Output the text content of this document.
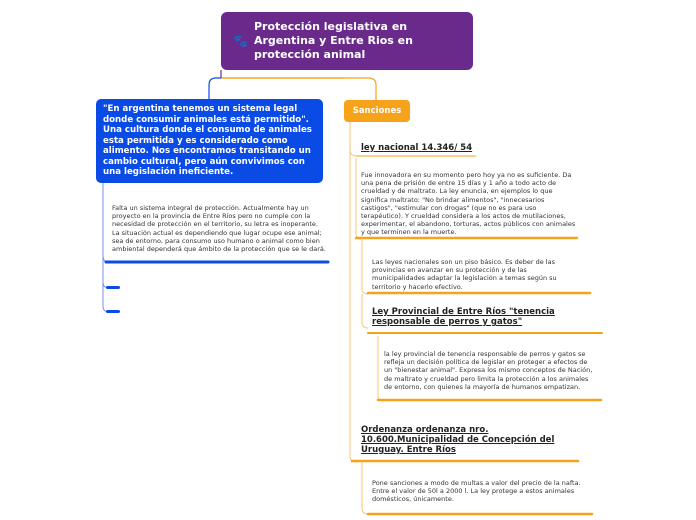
🐾
Protección legislativa en Argentina y Entre Rios en protección animal
"En argentina tenemos un sistema legal donde consumir animales está permitido". Una cultura donde el consumo de animales esta permitida y es considerado como alimento. Nos encontramos transitando un cambio cultural, pero aún convivimos con una legislación ineficiente.
Falta un sistema integral de protección. Actualmente hay un proyecto en la provincia de Entre Ríos pero no cumple con la necesidad de protección en el territorio, su letra es inoperante. La situación actual es dependiendo que lugar ocupe ese animal; sea de entorno, para consumo uso humano o animal como bien ambiental dependerá que ámbito de la protección que se le dará.
Sanciones
ley nacional 14.346/ 54
Fue innovadora en su momento pero hoy ya no es suficiente. Da una pena de prisión de entre 15 días y 1 año a todo acto de crueldad y de maltrato. La ley enuncia, en ejemplos lo que significa maltrato: "No brindar alimentos", "innecesarios castigos", "estimular con drogas" (que no es para uso terapéutico). Y crueldad considera a los actos de mutilaciones, experimentar, el abandono, torturas, actos públicos con animales y que terminen en la muerte.
Las leyes nacionales son un piso básico. Es deber de las provincias en avanzar en su protección y de las municipalidades adaptar la legislación a temas según su territorio y hacerlo efectivo.
Ley Provincial de Entre Ríos "tenencia responsable de perros y gatos"
la ley provincial de tenencia responsable de perros y gatos se refleja un decisión política de legislar en proteger a efectos de un "bienestar animal". Expresa los mismo conceptos de Nación, de maltrato y crueldad pero limita la protección a los animales de entorno, con quienes la mayoría de humanos empatizan.
Ordenanza ordenanza nro. 10.600.Municipalidad de Concepción del Uruguay. Entre Ríos
Pone sanciones a modo de multas a valor del precio de la nafta. Entre el valor de 50l a 2000 l. La ley protege a estos animales domésticos, únicamente.
